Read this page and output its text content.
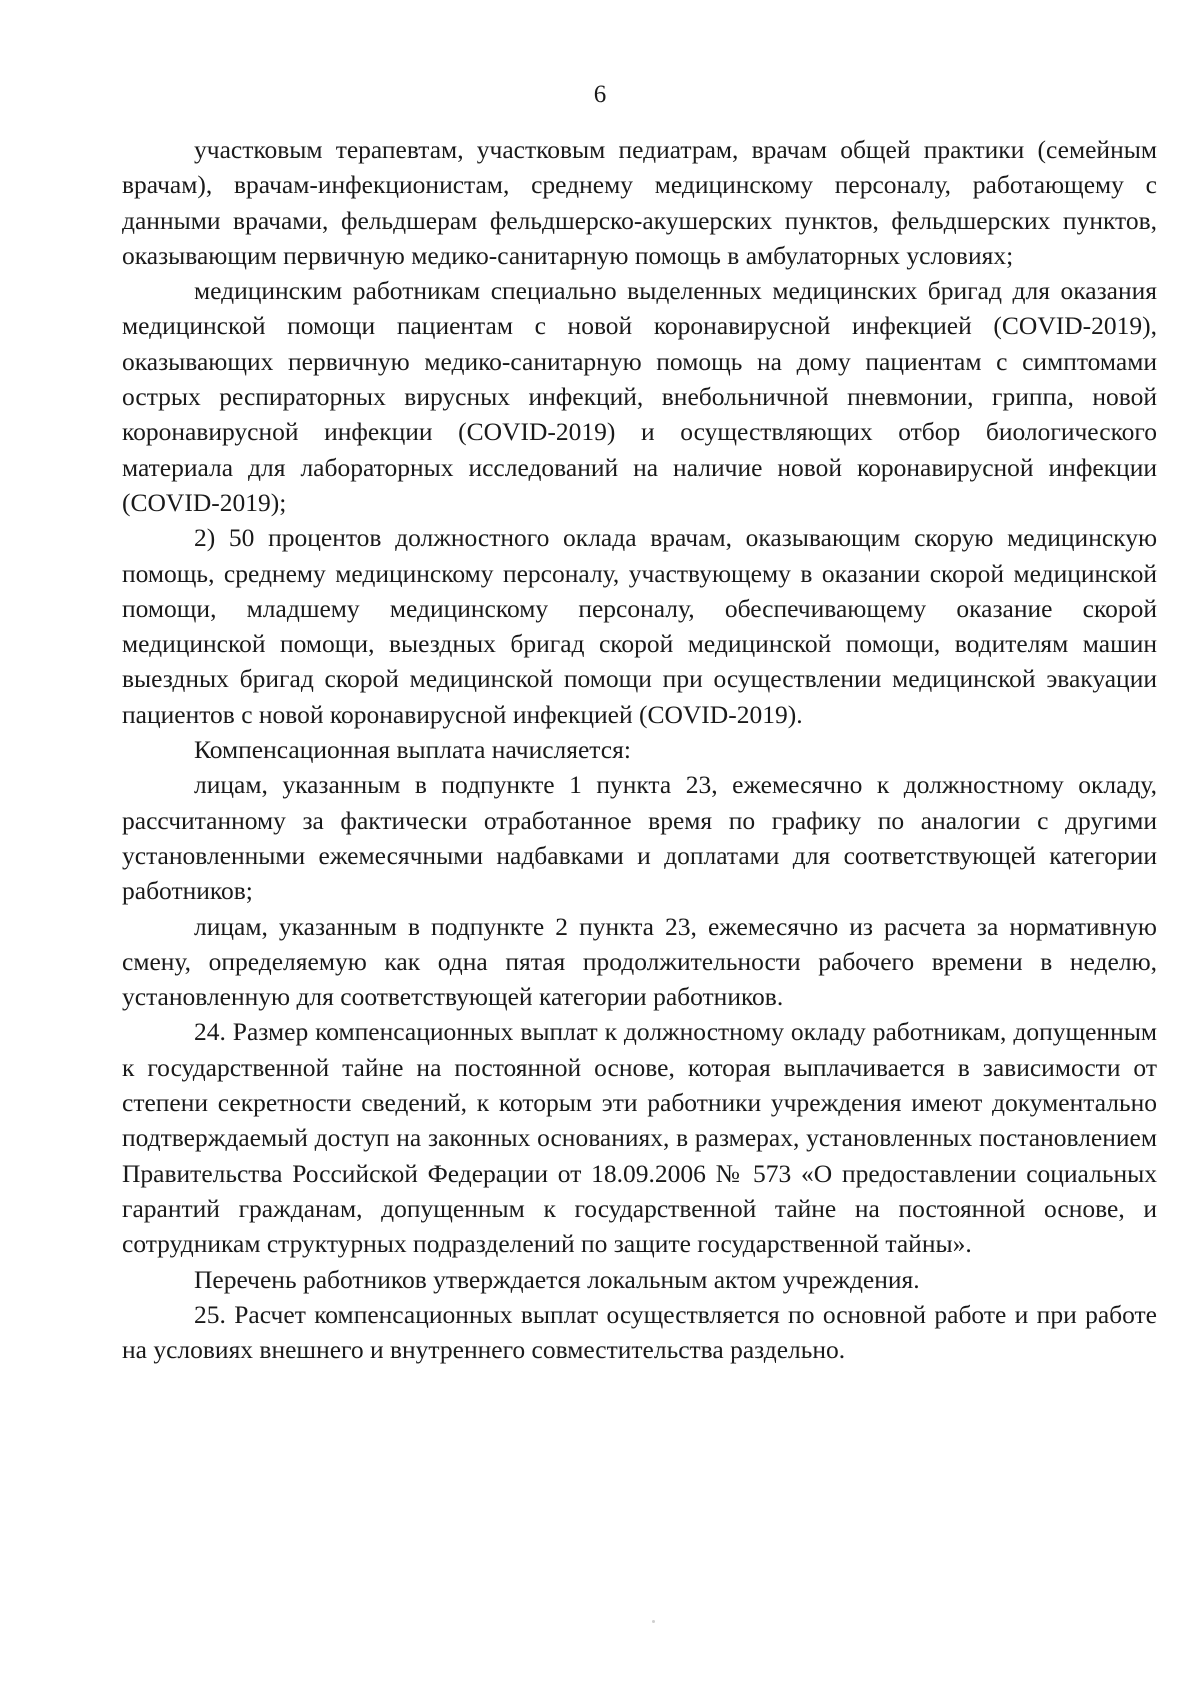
6

участковым терапевтам, участковым педиатрам, врачам общей практики (семейным врачам), врачам-инфекционистам, среднему медицинскому персоналу, работающему с данными врачами, фельдшерам фельдшерско-акушерских пунктов, фельдшерских пунктов, оказывающим первичную медико-санитарную помощь в амбулаторных условиях;

медицинским работникам специально выделенных медицинских бригад для оказания медицинской помощи пациентам с новой коронавирусной инфекцией (COVID-2019), оказывающих первичную медико-санитарную помощь на дому пациентам с симптомами острых респираторных вирусных инфекций, внебольничной пневмонии, гриппа, новой коронавирусной инфекции (COVID-2019) и осуществляющих отбор биологического материала для лабораторных исследований на наличие новой коронавирусной инфекции (COVID-2019);

2) 50 процентов должностного оклада врачам, оказывающим скорую медицинскую помощь, среднему медицинскому персоналу, участвующему в оказании скорой медицинской помощи, младшему медицинскому персоналу, обеспечивающему оказание скорой медицинской помощи, выездных бригад скорой медицинской помощи, водителям машин выездных бригад скорой медицинской помощи при осуществлении медицинской эвакуации пациентов с новой коронавирусной инфекцией (COVID-2019).

Компенсационная выплата начисляется:

лицам, указанным в подпункте 1 пункта 23, ежемесячно к должностному окладу, рассчитанному за фактически отработанное время по графику по аналогии с другими установленными ежемесячными надбавками и доплатами для соответствующей категории работников;

лицам, указанным в подпункте 2 пункта 23, ежемесячно из расчета за нормативную смену, определяемую как одна пятая продолжительности рабочего времени в неделю, установленную для соответствующей категории работников.

24. Размер компенсационных выплат к должностному окладу работникам, допущенным к государственной тайне на постоянной основе, которая выплачивается в зависимости от степени секретности сведений, к которым эти работники учреждения имеют документально подтверждаемый доступ на законных основаниях, в размерах, установленных постановлением Правительства Российской Федерации от 18.09.2006 № 573 «О предоставлении социальных гарантий гражданам, допущенным к государственной тайне на постоянной основе, и сотрудникам структурных подразделений по защите государственной тайны».

Перечень работников утверждается локальным актом учреждения.

25. Расчет компенсационных выплат осуществляется по основной работе и при работе на условиях внешнего и внутреннего совместительства раздельно.
